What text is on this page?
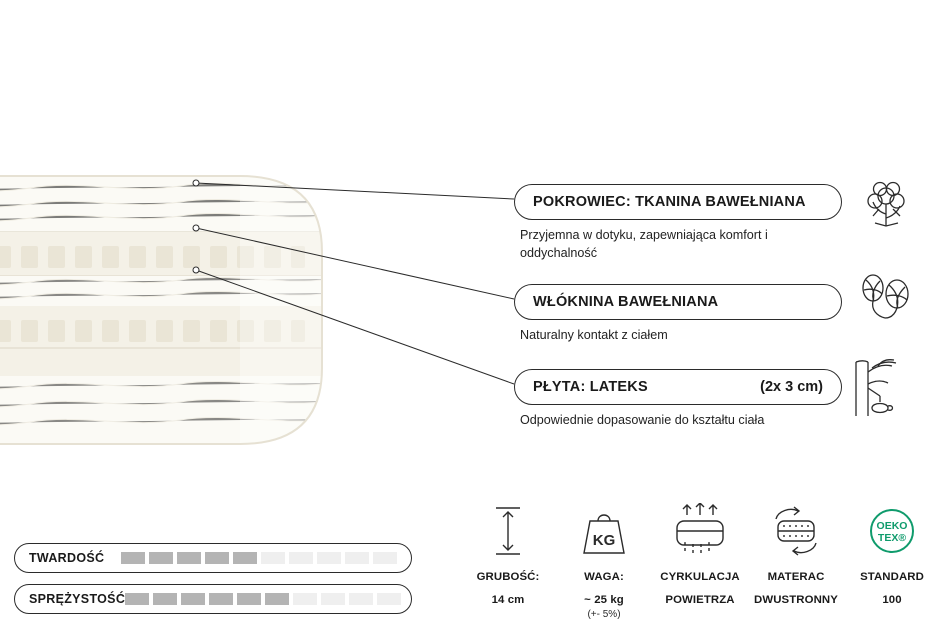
POKROWIEC: TKANINA BAWEŁNIANA
Przyjemna w dotyku, zapewniająca komfort i oddychalność
WŁÓKNINA BAWEŁNIANA
Naturalny kontakt z ciałem
PŁYTA: LATEKS	(2x 3 cm)
Odpowiednie dopasowanie do kształtu ciała
TWARDOŚĆ
SPRĘŻYSTOŚĆ
GRUBOŚĆ:
14 cm
KG
WAGA:
~ 25 kg
(+- 5%)
CYRKULACJA
POWIETRZA
MATERAC
DWUSTRONNY
OEKO
TEX®
STANDARD
100
